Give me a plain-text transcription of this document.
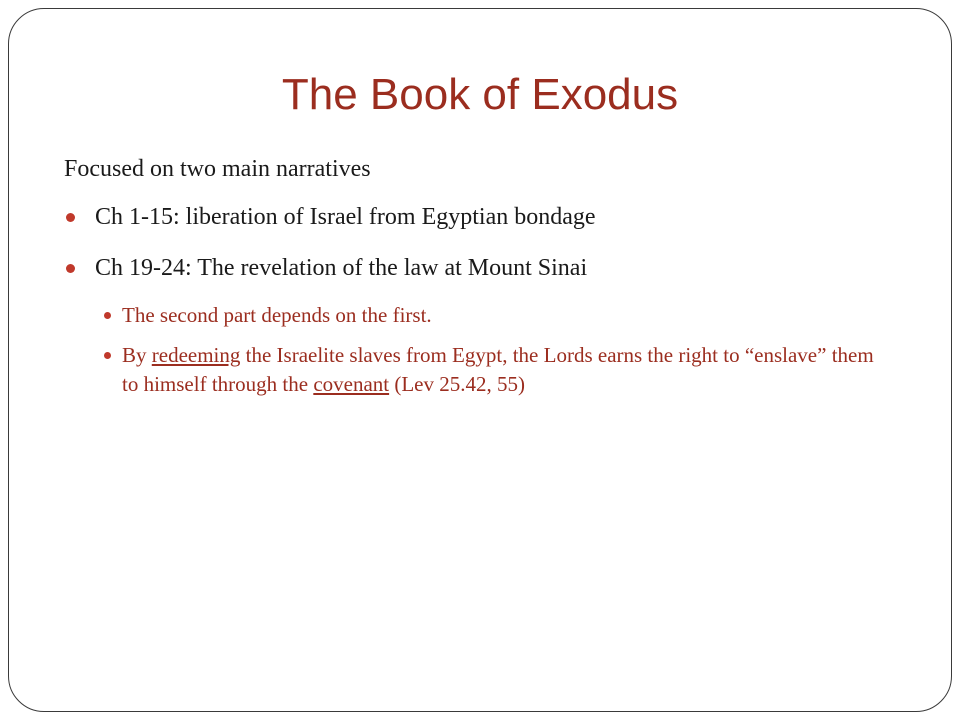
The Book of Exodus
Focused on two main narratives
Ch 1-15: liberation of Israel from Egyptian bondage
Ch 19-24: The revelation of the law at Mount Sinai
The second part depends on the first.
By redeeming the Israelite slaves from Egypt, the Lords earns the right to “enslave” them to himself through the covenant (Lev 25.42, 55)
